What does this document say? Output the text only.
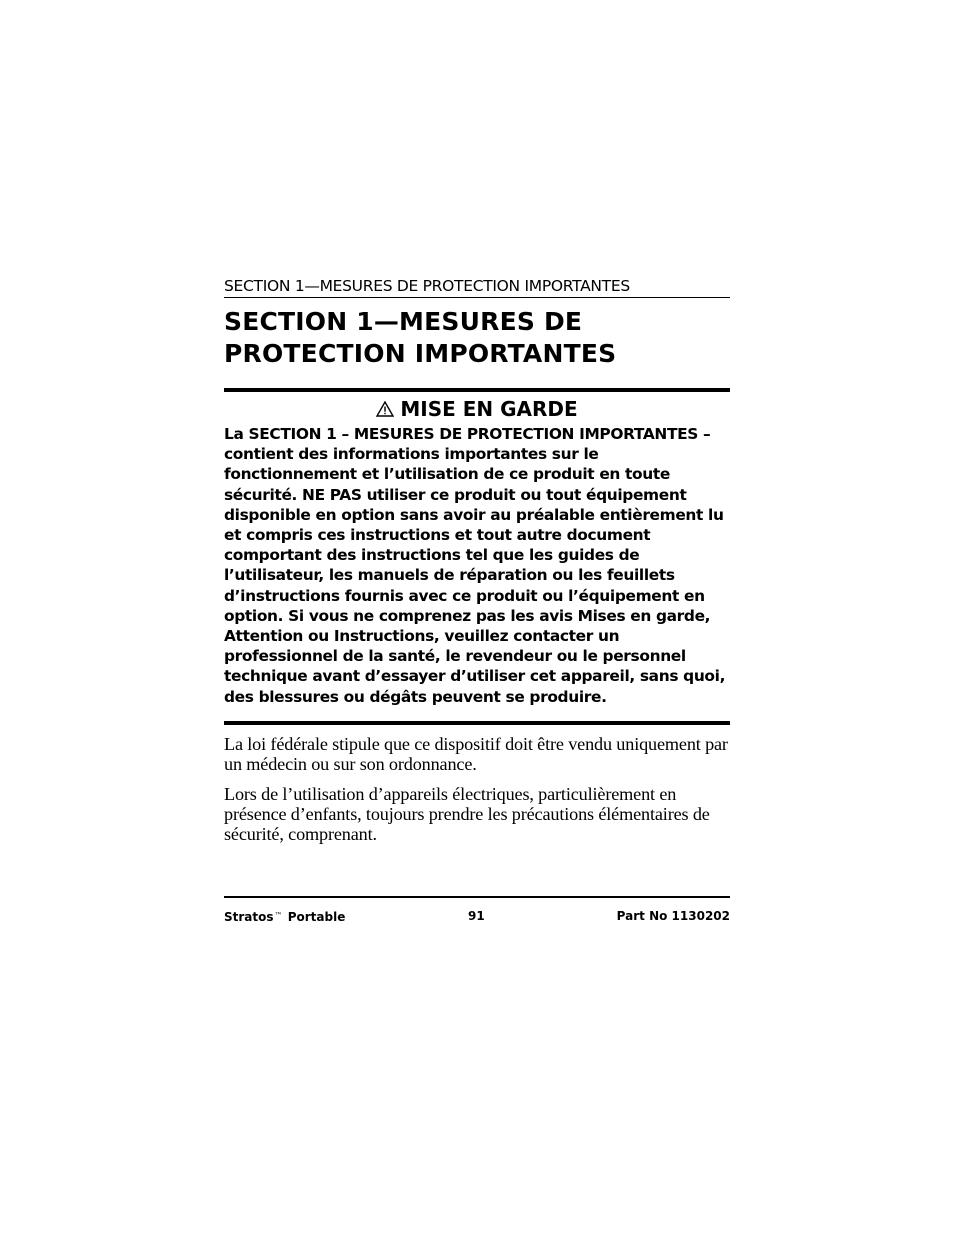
SECTION 1—MESURES DE PROTECTION IMPORTANTES
SECTION 1—MESURES DE
PROTECTION IMPORTANTES
MISE EN GARDE

La SECTION 1 – MESURES DE PROTECTION IMPORTANTES – contient des informations importantes sur le fonctionnement et l’utilisation de ce produit en toute sécurité. NE PAS utiliser ce produit ou tout équipement disponible en option sans avoir au préalable entièrement lu et compris ces instructions et tout autre document comportant des instructions tel que les guides de l’utilisateur, les manuels de réparation ou les feuillets d’instructions fournis avec ce produit ou l’équipement en option. Si vous ne comprenez pas les avis Mises en garde, Attention ou Instructions, veuillez contacter un professionnel de la santé, le revendeur ou le personnel technique avant d’essayer d’utiliser cet appareil, sans quoi, des blessures ou dégâts peuvent se produire.

La loi fédérale stipule que ce dispositif doit être vendu uniquement par un médecin ou sur son ordonnance.

Lors de l’utilisation d’appareils électriques, particulièrement en présence d’enfants, toujours prendre les précautions élémentaires de sécurité, comprenant.

Stratos™ Portable	91	Part No 1130202
